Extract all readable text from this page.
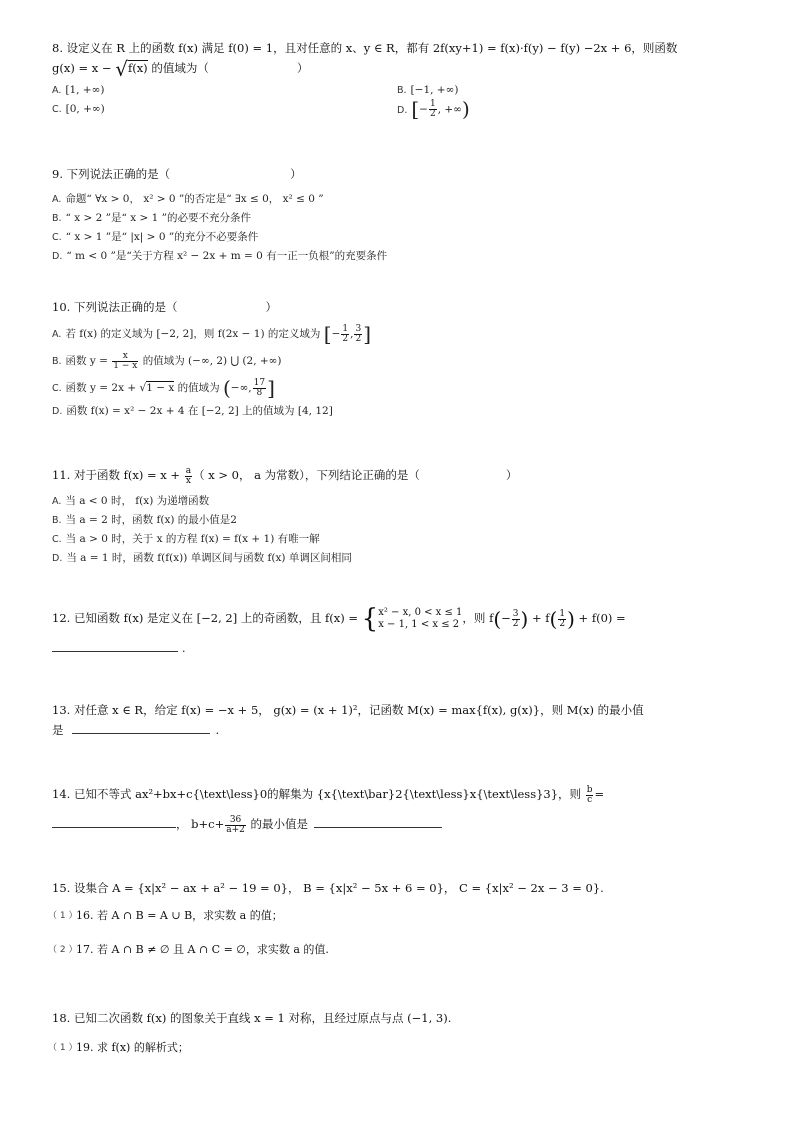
8. 设定义在 R 上的函数 f(x) 满足 f(0) = 1，且对任意的 x、y ∈ R，都有 2f(xy+1) = f(x)·f(y) − f(y) −2x + 6，则函数
g(x) = x − √f(x) 的值域为（	）
A. [1, +∞)	B. [−1, +∞)
C. [0, +∞)	D. [− $\frac{1}{2}$ , +∞)
9. 下列说法正确的是（	）
A. 命题“ ∀x > 0， x² > 0 ”的否定是“ ∃x ≤ 0， x² ≤ 0 ”
B. “ x > 2 ”是“ x > 1 ”的必要不充分条件
C. “ x > 1 ”是“ |x| > 0 ”的充分不必要条件
D. “ m < 0 ”是“关于方程 x² − 2x + m = 0 有一正一负根”的充要条件
10. 下列说法正确的是（	）
A. 若 f(x) 的定义域为 [−2, 2]，则 f(2x − 1) 的定义域为 [− $\frac{1}{2}$ , $\frac{3}{2}$ ]
B. 函数 $y = \frac{x}{1 - x}$ 的值域为 (−∞, 2) ⋃ (2, +∞)
C. 函数 y = 2x + √1 − x 的值域为 (−∞, $\frac{17}{8}$ ]
D. 函数 f(x) = x² − 2x + 4 在 [−2, 2] 上的值域为 [4, 12]
11. 对于函数 $f(x) = x + \frac{a}{x}$ （ x > 0， a 为常数），下列结论正确的是（	）
A. 当 a < 0 时， f(x) 为递增函数
B. 当 a = 2 时，函数 f(x) 的最小值是2
C. 当 a > 0 时，关于 x 的方程 f(x) = f(x + 1) 有唯一解
D. 当 a = 1 时，函数 f(f(x)) 单调区间与函数 f(x) 单调区间相同
12. 已知函数 f(x) 是定义在 [−2, 2] 上的奇函数，且 f(x) = { x² − x, 0 < x ≤ 1
x − 1, 1 < x ≤ 2 ，则 $f(- \frac{3}{2}$ ) + $f( \frac{1}{2}$ ) + f(0) =
.
13. 对任意 x ∈ R，给定 f(x) = −x + 5， g(x) = (x + 1)²，记函数 M(x) = max{f(x), g(x)}，则 M(x) 的最小值
是	.
14. 已知不等式 ax²+bx+c{\text\less}0的解集为 {x{\text\bar}2{\text\less}x{\text\less}3}，则 $\frac{b}{c}$ =
， $b+c+ \frac{36}{a+2}$ 的最小值是
15. 设集合 A = {x|x² − ax + a² − 19 = 0}， B = {x|x² − 5x + 6 = 0}， C = {x|x² − 2x − 3 = 0}.
（ 1 ）16. 若 A ∩ B = A ∪ B，求实数 a 的值；
（ 2 ）17. 若 A ∩ B ≠ ∅ 且 A ∩ C = ∅，求实数 a 的值.
18. 已知二次函数 f(x) 的图象关于直线 x = 1 对称，且经过原点与点 (−1, 3).
（ 1 ）19. 求 f(x) 的解析式；
